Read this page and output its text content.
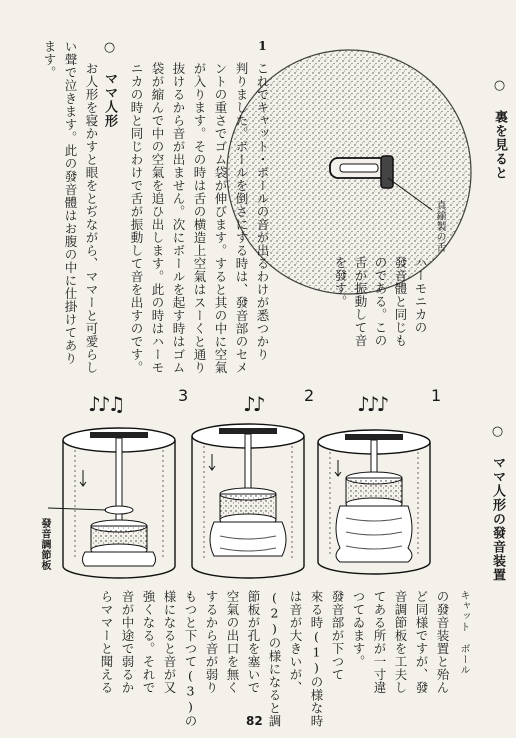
真鍮製の舌
○ 裏を見ると
ハーモニカの
發音體と同じも
のである。この
舌が振動して音
を發す。
1
これでキャット・ボールの音が出るわけが悉つかり
判りました。ボールを倒さにする時は、發音部のセメ
ントの重さでゴム袋が伸びます。すると其の中に空氣
が入ります。その時は舌の横造上空氣はスーくと通り
抜けるから音が出ません。次にボールを起す時はゴム
袋が縮んで中の空氣を追ひ出します。此の時はハーモ
ニカの時と同じわけで舌が振動して音を出すのです。
○ ママ人形
お人形を寝かすと眼をとぢながら、ママーと可愛らし
い聲で泣きます。此の發音體はお腹の中に仕掛けてあり
ます。
○ ママ人形の發音装置
キャット ボール
の發音装置と殆ん
ど同様ですが、發
音調節板を工夫し
てある所が一寸違
つてゐます。
發音部が下つて
來る時(1)の様な時
は音が大きいが、
(2)の様になると調
節板が孔を塞いで
空氣の出口を無く
するから音が弱り
もつと下つて(3)の
様になると音が又
強くなる。それで
音が中途で弱るか
らママーと聞える
1
2
3	♪♪♪
♪♪
♪♪♫
發音調節板
82
